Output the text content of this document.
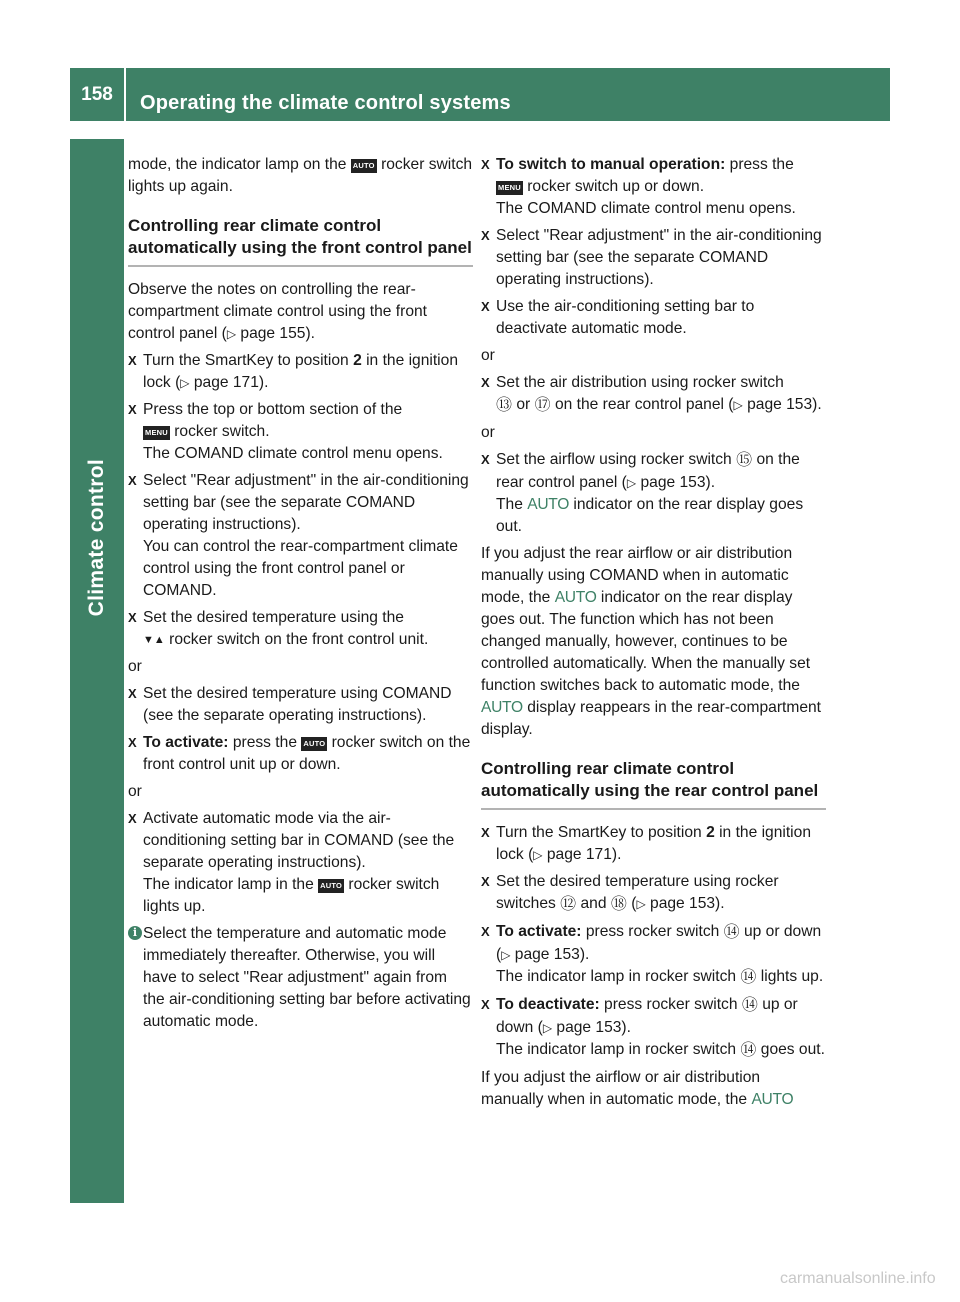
158	Operating the climate control systems
Climate control

mode, the indicator lamp on the AUTO rocker switch lights up again.

Controlling rear climate control automatically using the front control panel

Observe the notes on controlling the rear-compartment climate control using the front control panel (▷ page 155).

X Turn the SmartKey to position 2 in the ignition lock (▷ page 171).
X Press the top or bottom section of the
MENU rocker switch.
The COMAND climate control menu opens.
X Select "Rear adjustment" in the air-conditioning setting bar (see the separate COMAND operating instructions).
You can control the rear-compartment climate control using the front control panel or COMAND.
X Set the desired temperature using the
▼▲ rocker switch on the front control unit.
or
X Set the desired temperature using COMAND (see the separate operating instructions).
X To activate: press the AUTO rocker switch on the front control unit up or down.
or
X Activate automatic mode via the air-conditioning setting bar in COMAND (see the separate operating instructions).
The indicator lamp in the AUTO rocker switch lights up.
i Select the temperature and automatic mode immediately thereafter. Otherwise, you will have to select "Rear adjustment" again from the air-conditioning setting bar before activating automatic mode.
X To switch to manual operation: press the
MENU rocker switch up or down.
The COMAND climate control menu opens.
X Select "Rear adjustment" in the air-conditioning setting bar (see the separate COMAND operating instructions).
X Use the air-conditioning setting bar to deactivate automatic mode.
or
X Set the air distribution using rocker switch
⑬ or ⑰ on the rear control panel (▷ page 153).
or
X Set the airflow using rocker switch ⑮ on the rear control panel (▷ page 153).
The AUTO indicator on the rear display goes out.

If you adjust the rear airflow or air distribution manually using COMAND when in automatic mode, the AUTO indicator on the rear display goes out. The function which has not been changed manually, however, continues to be controlled automatically. When the manually set function switches back to automatic mode, the AUTO display reappears in the rear-compartment display.

Controlling rear climate control automatically using the rear control panel
X Turn the SmartKey to position 2 in the ignition lock (▷ page 171).
X Set the desired temperature using rocker switches ⑫ and ⑱ (▷ page 153).
X To activate: press rocker switch ⑭ up or down (▷ page 153).
The indicator lamp in rocker switch ⑭ lights up.
X To deactivate: press rocker switch ⑭ up or down (▷ page 153).
The indicator lamp in rocker switch ⑭ goes out.

If you adjust the airflow or air distribution manually when in automatic mode, the AUTO

carmanualsonline.info
